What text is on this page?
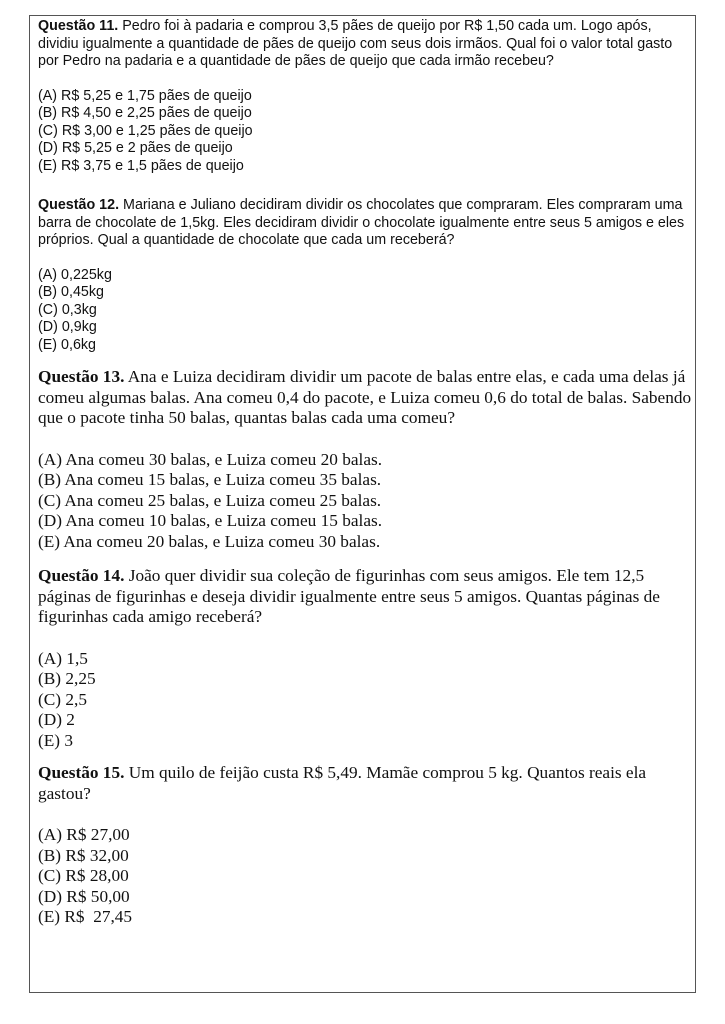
Questão 11. Pedro foi à padaria e comprou 3,5 pães de queijo por R$ 1,50 cada um. Logo após, dividiu igualmente a quantidade de pães de queijo com seus dois irmãos. Qual foi o valor total gasto por Pedro na padaria e a quantidade de pães de queijo que cada irmão recebeu?

(A) R$ 5,25 e 1,75 pães de queijo
(B) R$ 4,50 e 2,25 pães de queijo
(C) R$ 3,00 e 1,25 pães de queijo
(D) R$ 5,25 e 2 pães de queijo
(E) R$ 3,75 e 1,5 pães de queijo

Questão 12. Mariana e Juliano decidiram dividir os chocolates que compraram. Eles compraram uma barra de chocolate de 1,5kg. Eles decidiram dividir o chocolate igualmente entre seus 5 amigos e eles próprios. Qual a quantidade de chocolate que cada um receberá?

(A) 0,225kg
(B) 0,45kg
(C) 0,3kg
(D) 0,9kg
(E) 0,6kg

Questão 13. Ana e Luiza decidiram dividir um pacote de balas entre elas, e cada uma delas já comeu algumas balas. Ana comeu 0,4 do pacote, e Luiza comeu 0,6 do total de balas. Sabendo que o pacote tinha 50 balas, quantas balas cada uma comeu?

(A) Ana comeu 30 balas, e Luiza comeu 20 balas.
(B) Ana comeu 15 balas, e Luiza comeu 35 balas.
(C) Ana comeu 25 balas, e Luiza comeu 25 balas.
(D) Ana comeu 10 balas, e Luiza comeu 15 balas.
(E) Ana comeu 20 balas, e Luiza comeu 30 balas.

Questão 14. João quer dividir sua coleção de figurinhas com seus amigos. Ele tem 12,5 páginas de figurinhas e deseja dividir igualmente entre seus 5 amigos. Quantas páginas de figurinhas cada amigo receberá?

(A) 1,5
(B) 2,25
(C) 2,5
(D) 2
(E) 3

Questão 15. Um quilo de feijão custa R$ 5,49. Mamãe comprou 5 kg. Quantos reais ela gastou?

(A) R$ 27,00
(B) R$ 32,00
(C) R$ 28,00
(D) R$ 50,00
(E) R$  27,45
